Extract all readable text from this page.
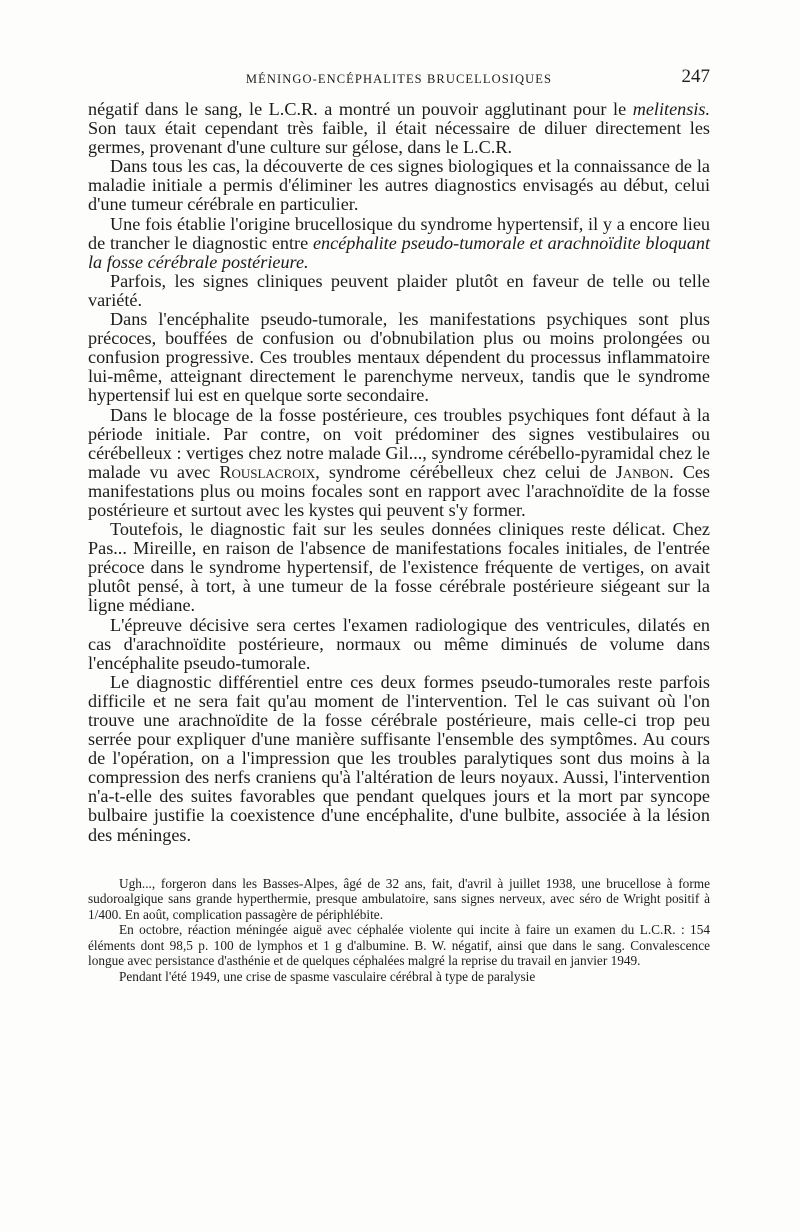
MÉNINGO-ENCÉPHALITES BRUCELLOSIQUES	247

négatif dans le sang, le L.C.R. a montré un pouvoir agglutinant pour le melitensis. Son taux était cependant très faible, il était nécessaire de diluer directement les germes, provenant d'une culture sur gélose, dans le L.C.R.

Dans tous les cas, la découverte de ces signes biologiques et la connaissance de la maladie initiale a permis d'éliminer les autres diagnostics envisagés au début, celui d'une tumeur cérébrale en particulier.

Une fois établie l'origine brucellosique du syndrome hypertensif, il y a encore lieu de trancher le diagnostic entre encéphalite pseudo-tumorale et arachnoïdite bloquant la fosse cérébrale postérieure.

Parfois, les signes cliniques peuvent plaider plutôt en faveur de telle ou telle variété.

Dans l'encéphalite pseudo-tumorale, les manifestations psychiques sont plus précoces, bouffées de confusion ou d'obnubilation plus ou moins prolongées ou confusion progressive. Ces troubles mentaux dépendent du processus inflammatoire lui-même, atteignant directement le parenchyme nerveux, tandis que le syndrome hypertensif lui est en quelque sorte secondaire.

Dans le blocage de la fosse postérieure, ces troubles psychiques font défaut à la période initiale. Par contre, on voit prédominer des signes vestibulaires ou cérébelleux : vertiges chez notre malade Gil..., syndrome cérébello-pyramidal chez le malade vu avec Rouslacroix, syndrome cérébelleux chez celui de Janbon. Ces manifestations plus ou moins focales sont en rapport avec l'arachnoïdite de la fosse postérieure et surtout avec les kystes qui peuvent s'y former.

Toutefois, le diagnostic fait sur les seules données cliniques reste délicat. Chez Pas... Mireille, en raison de l'absence de manifestations focales initiales, de l'entrée précoce dans le syndrome hypertensif, de l'existence fréquente de vertiges, on avait plutôt pensé, à tort, à une tumeur de la fosse cérébrale postérieure siégeant sur la ligne médiane.

L'épreuve décisive sera certes l'examen radiologique des ventricules, dilatés en cas d'arachnoïdite postérieure, normaux ou même diminués de volume dans l'encéphalite pseudo-tumorale.

Le diagnostic différentiel entre ces deux formes pseudo-tumorales reste parfois difficile et ne sera fait qu'au moment de l'intervention. Tel le cas suivant où l'on trouve une arachnoïdite de la fosse cérébrale postérieure, mais celle-ci trop peu serrée pour expliquer d'une manière suffisante l'ensemble des symptômes. Au cours de l'opération, on a l'impression que les troubles paralytiques sont dus moins à la compression des nerfs craniens qu'à l'altération de leurs noyaux. Aussi, l'intervention n'a-t-elle des suites favorables que pendant quelques jours et la mort par syncope bulbaire justifie la coexistence d'une encéphalite, d'une bulbite, associée à la lésion des méninges.

Ugh..., forgeron dans les Basses-Alpes, âgé de 32 ans, fait, d'avril à juillet 1938, une brucellose à forme sudoroalgique sans grande hyperthermie, presque ambulatoire, sans signes nerveux, avec séro de Wright positif à 1/400. En août, complication passagère de périphlébite.

En octobre, réaction méningée aiguë avec céphalée violente qui incite à faire un examen du L.C.R. : 154 éléments dont 98,5 p. 100 de lymphos et 1 g d'albumine. B. W. négatif, ainsi que dans le sang. Convalescence longue avec persistance d'asthénie et de quelques céphalées malgré la reprise du travail en janvier 1949.

Pendant l'été 1949, une crise de spasme vasculaire cérébral à type de paralysie
